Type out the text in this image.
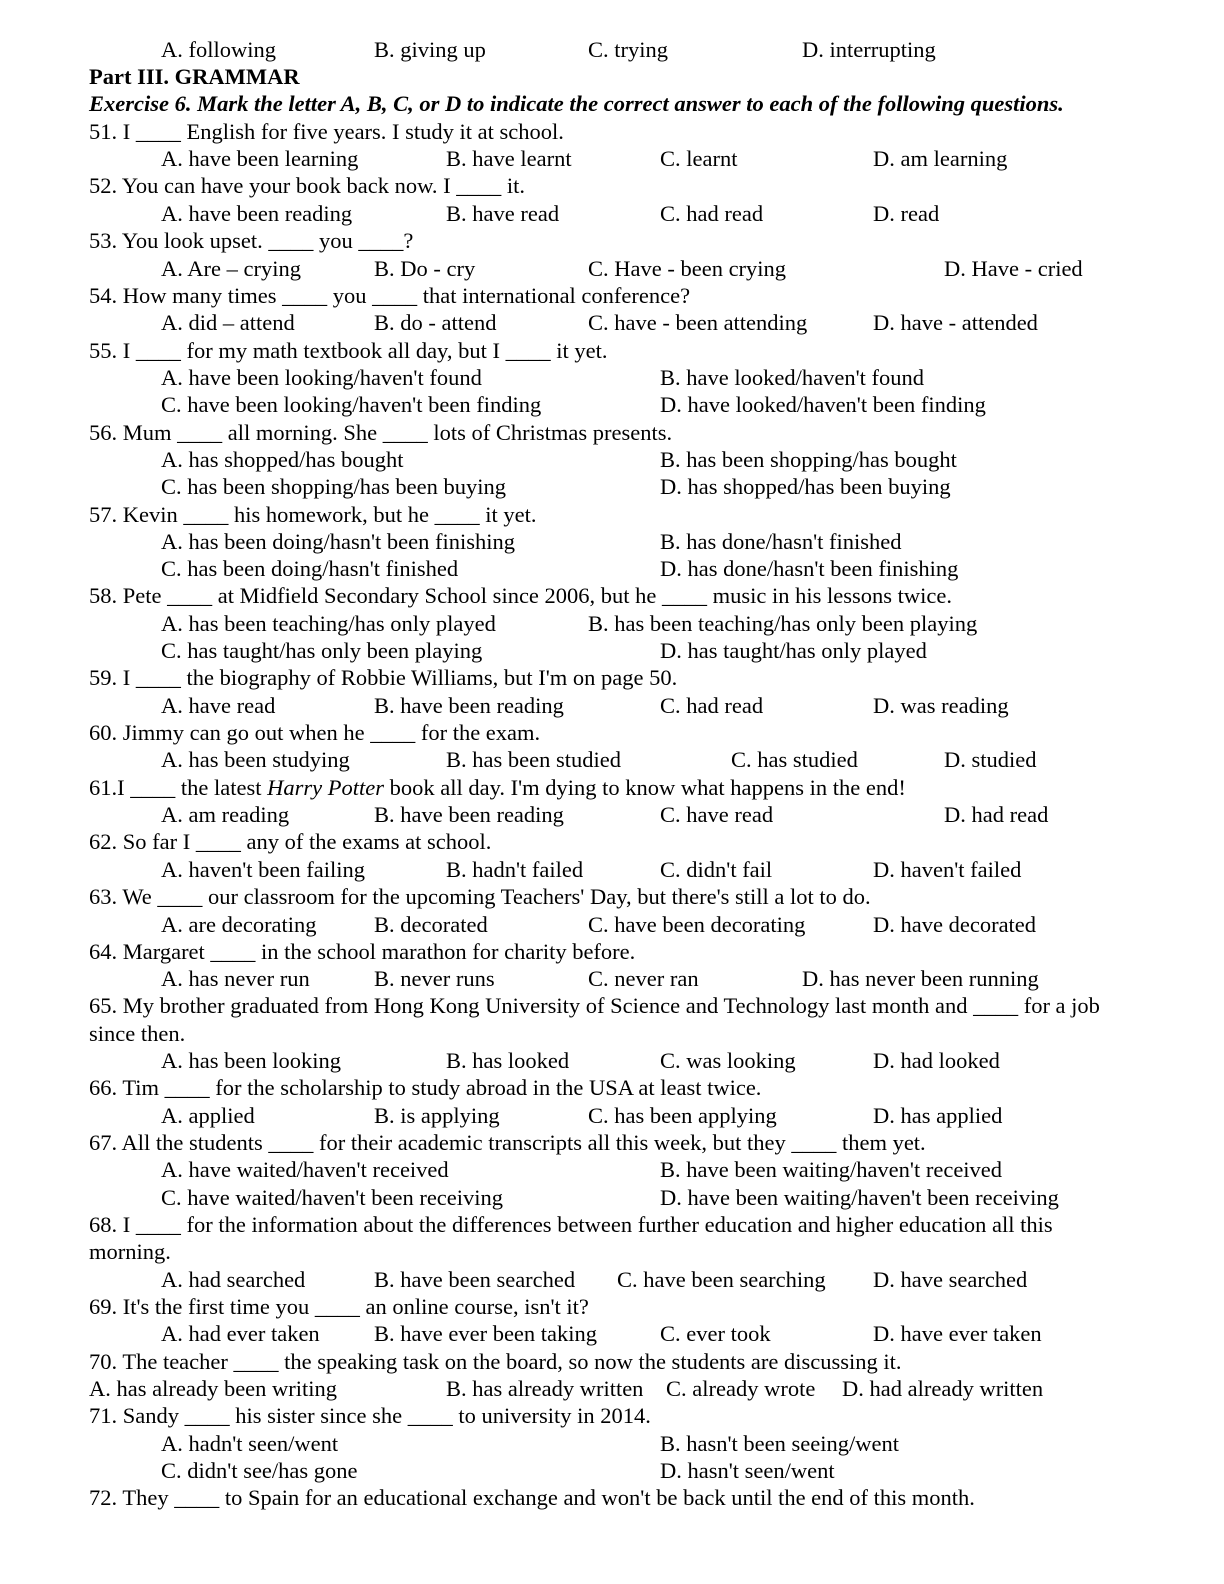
A. following	B. giving up	C. trying	D. interrupting
Part III. GRAMMAR
Exercise 6. Mark the letter A, B, C, or D to indicate the correct answer to each of the following questions.
51. I ____ English for five years. I study it at school.
A. have been learning	B. have learnt	C. learnt	D. am learning
52. You can have your book back now. I ____ it.
A. have been reading	B. have read	C. had read	D. read
53. You look upset. ____ you ____?
A. Are – crying	B. Do - cry	C. Have - been crying	D. Have - cried
54. How many times ____ you ____ that international conference?
A. did – attend	B. do - attend	C. have - been attending	D. have - attended
55. I ____ for my math textbook all day, but I ____ it yet.
A. have been looking/haven't found	B. have looked/haven't found
C. have been looking/haven't been finding	D. have looked/haven't been finding
56. Mum ____ all morning. She ____ lots of Christmas presents.
A. has shopped/has bought	B. has been shopping/has bought
C. has been shopping/has been buying	D. has shopped/has been buying
57. Kevin ____ his homework, but he ____ it yet.
A. has been doing/hasn't been finishing	B. has done/hasn't finished
C. has been doing/hasn't finished	D. has done/hasn't been finishing
58. Pete ____ at Midfield Secondary School since 2006, but he ____ music in his lessons twice.
A. has been teaching/has only played	B. has been teaching/has only been playing
C. has taught/has only been playing	D. has taught/has only played
59. I ____ the biography of Robbie Williams, but I'm on page 50.
A. have read	B. have been reading	C. had read	D. was reading
60. Jimmy can go out when he ____ for the exam.
A. has been studying	B. has been studied	C. has studied	D. studied
61.I ____ the latest Harry Potter book all day. I'm dying to know what happens in the end!
A. am reading	B. have been reading	C. have read	D. had read
62. So far I ____ any of the exams at school.
A. haven't been failing	B. hadn't failed	C. didn't fail	D. haven't failed
63. We ____ our classroom for the upcoming Teachers' Day, but there's still a lot to do.
A. are decorating	B. decorated	C. have been decorating	D. have decorated
64. Margaret ____ in the school marathon for charity before.
A. has never run	B. never runs	C. never ran	D. has never been running
65. My brother graduated from Hong Kong University of Science and Technology last month and ____ for a job
since then.
A. has been looking	B. has looked	C. was looking	D. had looked
66. Tim ____ for the scholarship to study abroad in the USA at least twice.
A. applied	B. is applying	C. has been applying	D. has applied
67. All the students ____ for their academic transcripts all this week, but they ____ them yet.
A. have waited/haven't received	B. have been waiting/haven't received
C. have waited/haven't been receiving	D. have been waiting/haven't been receiving
68. I ____ for the information about the differences between further education and higher education all this
morning.
A. had searched	B. have been searched C. have been searching D. have searched
69. It's the first time you ____ an online course, isn't it?
A. had ever taken B. have ever been taking	C. ever took	D. have ever taken
70. The teacher ____ the speaking task on the board, so now the students are discussing it.
A. has already been writing	B. has already written C. already wrote D. had already written
71. Sandy ____ his sister since she ____ to university in 2014.
A. hadn't seen/went	B. hasn't been seeing/went
C. didn't see/has gone	D. hasn't seen/went
72. They ____ to Spain for an educational exchange and won't be back until the end of this month.
